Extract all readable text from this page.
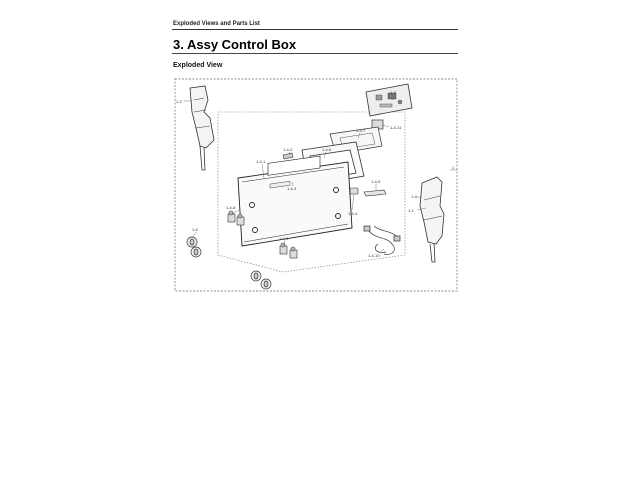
Exploded Views and Parts List
3. Assy Control Box
Exploded View
1-2
1
1-1
1-4
1-3
1-4-11
1-4-7
1-4-6
1-4-2
1-4-1
1-4-3
1-4-5
1-4-4
1-4-8
1-4-9
1-4-10
1-5
